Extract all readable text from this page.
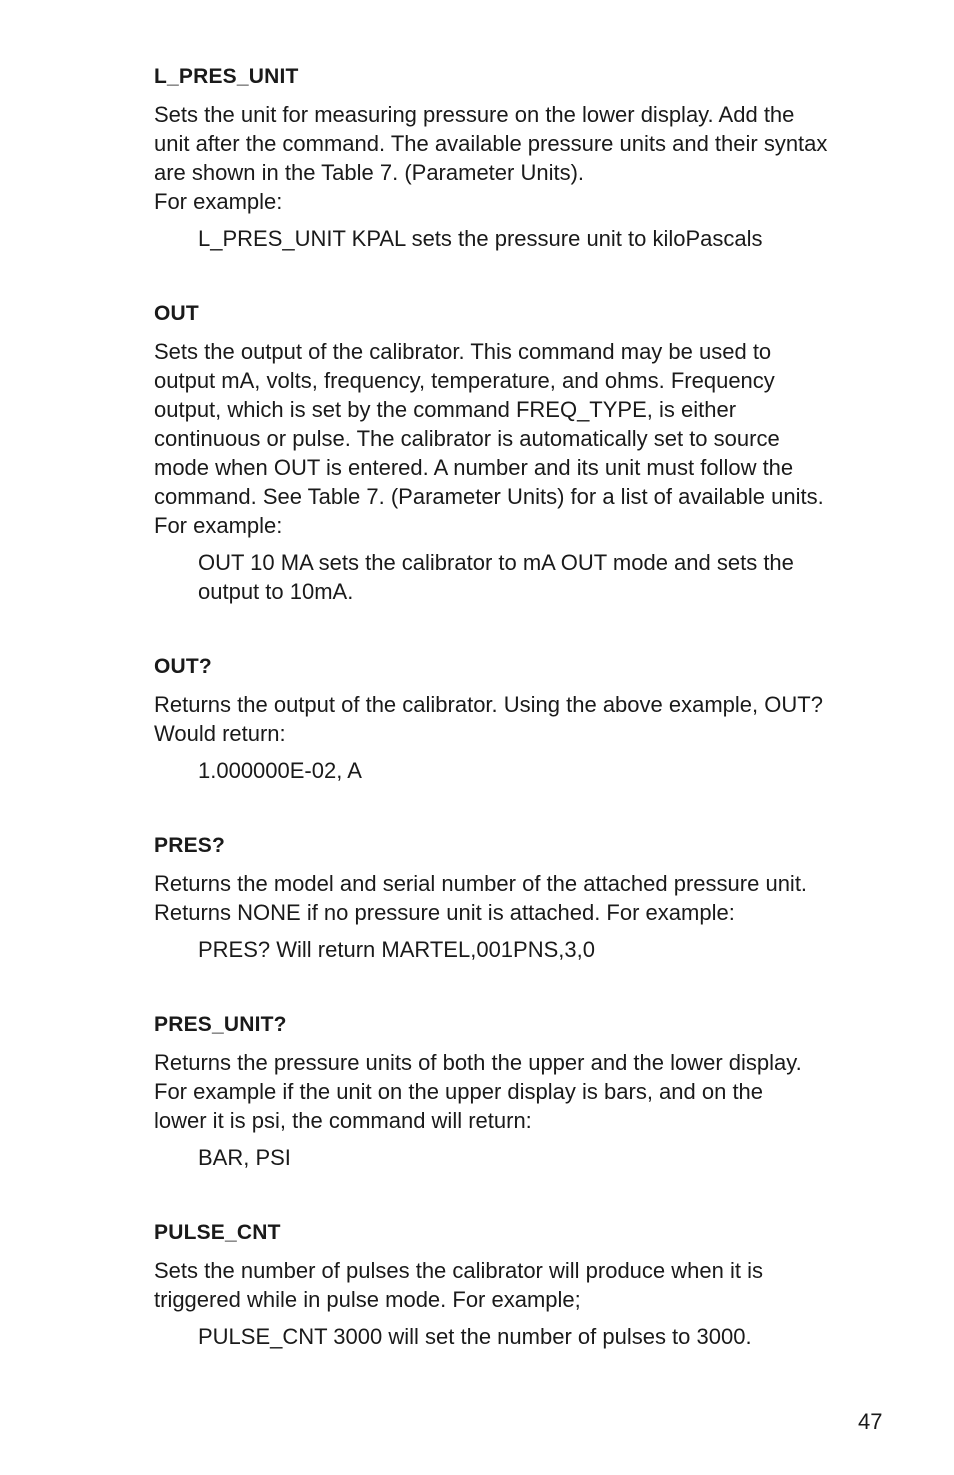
L_PRES_UNIT

Sets the unit for measuring pressure on the lower display. Add the
unit after the command. The available pressure units and their syntax
are shown in the Table 7. (Parameter Units).
For example:

L_PRES_UNIT KPAL sets the pressure unit to kiloPascals

OUT

Sets the output of the calibrator. This command may be used to
output mA, volts, frequency, temperature, and ohms. Frequency
output, which is set by the command FREQ_TYPE, is either
continuous or pulse. The calibrator is automatically set to source
mode when OUT is entered. A number and its unit must follow the
command. See Table 7. (Parameter Units) for a list of available units.
For example:

OUT 10 MA sets the calibrator to mA OUT mode and sets the
output to 10mA.

OUT?

Returns the output of the calibrator. Using the above example, OUT?
Would return:

1.000000E-02, A

PRES?

Returns the model and serial number of the attached pressure unit.
Returns NONE if no pressure unit is attached. For example:

PRES? Will return MARTEL,001PNS,3,0

PRES_UNIT?

Returns the pressure units of both the upper and the lower display.
For example if the unit on the upper display is bars, and on the
lower it is psi, the command will return:

BAR, PSI

PULSE_CNT

Sets the number of pulses the calibrator will produce when it is
triggered while in pulse mode. For example;

PULSE_CNT 3000 will set the number of pulses to 3000.

47
